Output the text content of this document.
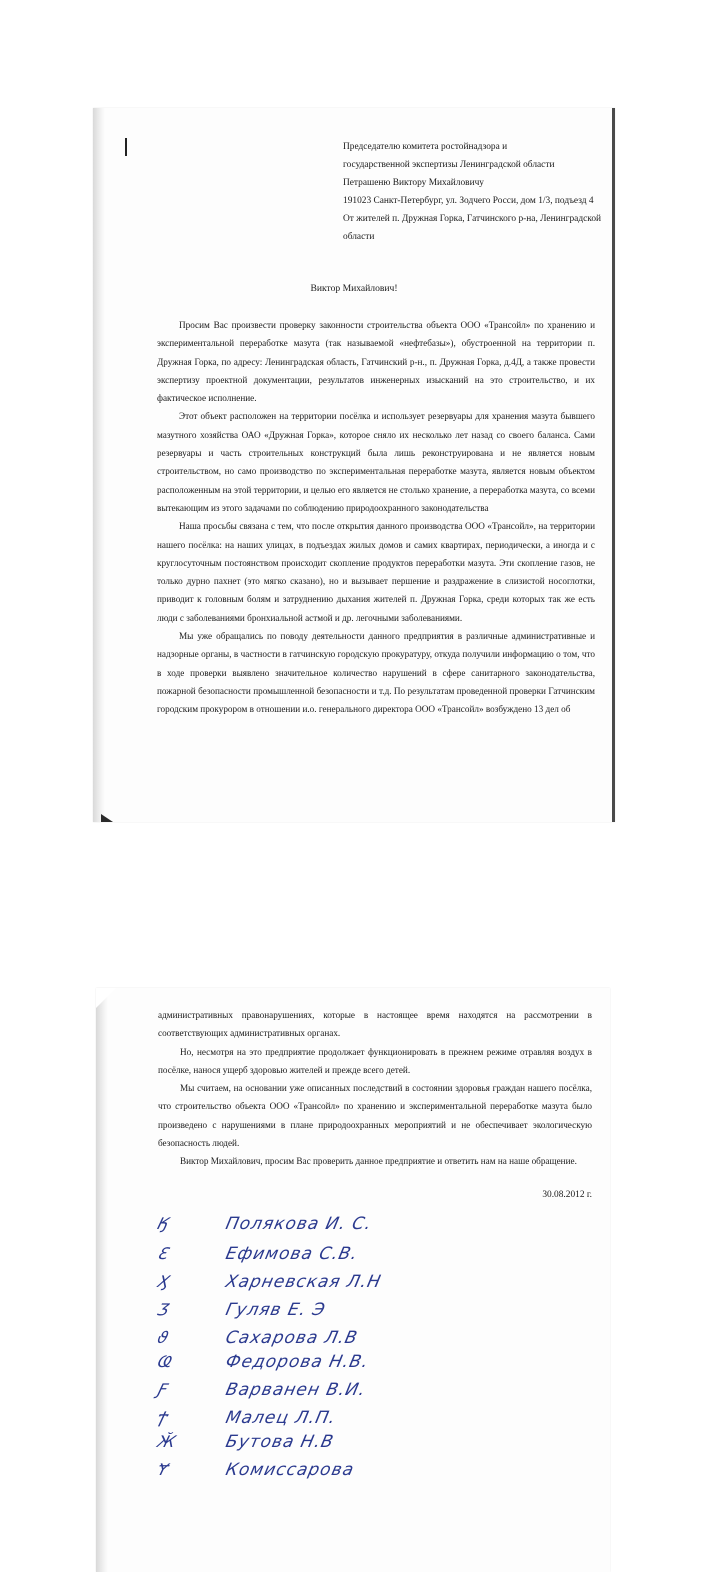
Председателю комитета ростойнадзора и
государственной экспертизы Ленинградской области
Петрашеню Виктору Михайловичу
191023 Санкт-Петербург, ул. Зодчего Росси, дом 1/3, подъезд 4
От жителей п. Дружная Горка, Гатчинского р-на, Ленинградской области
Виктор Михайлович!

Просим Вас произвести проверку законности строительства объекта ООО «Трансойл» по хранению и экспериментальной переработке мазута (так называемой «нефтебазы»), обустроенной на территории п. Дружная Горка, по адресу: Ленинградская область, Гатчинский р-н., п. Дружная Горка, д.4Д, а также провести экспертизу проектной документации, результатов инженерных изысканий на это строительство, и их фактическое исполнение.

Этот объект расположен на территории посёлка и использует резервуары для хранения мазута бывшего мазутного хозяйства ОАО «Дружная Горка», которое сняло их несколько лет назад со своего баланса. Сами резервуары и часть строительных конструкций была лишь реконструирована и не является новым строительством, но само производство по экспериментальная переработке мазута, является новым объектом расположенным на этой территории, и целью его является не столько хранение, а переработка мазута, со всеми вытекающим из этого задачами по соблюдению природоохранного законодательства

Наша просьбы связана с тем, что после открытия данного производства ООО «Трансойл», на территории нашего посёлка: на наших улицах, в подъездах жилых домов и самих квартирах, периодически, а иногда и с круглосуточным постоянством происходит скопление продуктов переработки мазута. Эти скопление газов, не только дурно пахнет (это мягко сказано), но и вызывает першение и раздражение в слизистой носоглотки, приводит к головным болям и затруднению дыхания жителей п. Дружная Горка, среди которых так же есть люди с заболеваниями бронхиальной астмой и др. легочными заболеваниями.

Мы уже обращались по поводу деятельности данного предприятия в различные административные и надзорные органы, в частности в гатчинскую городскую прокуратуру, откуда получили информацию о том, что в ходе проверки выявлено значительное количество нарушений в сфере санитарного законодательства, пожарной безопасности промышленной безопасности и т.д. По результатам проведенной проверки Гатчинским городским прокурором в отношении и.о. генерального директора ООО «Трансойл» возбуждено 13 дел об

административных правонарушениях, которые в настоящее время находятся на рассмотрении в соответствующих административных органах.

Но, несмотря на это предприятие продолжает функционировать в прежнем режиме отравляя воздух в посёлке, нанося ущерб здоровью жителей и прежде всего детей.

Мы считаем, на основании уже описанных последствий в состоянии здоровья граждан нашего посёлка, что строительство объекта ООО «Трансойл» по хранению и экспериментальной переработке мазута было произведено с нарушениями в плане природоохранных мероприятий и не обеспечивает экологическую безопасность людей.

Виктор Михайлович, просим Вас проверить данное предприятие и ответить нам на наше обращение.

30.08.2012 г.
Ӄ	Полякова И. С.
Ԑ	Ефимова С.В.
Ӽ	Харневская Л.Н
Ʒ	Гуляв Е. Э
ϑ	Сахарова Л.В
Ҩ	Федорова Н.В.
Ƒ	Варванен В.И.
Ϯ	Малец Л.П.
Ӂ	Бутова Н.В
Ɏ	Комиссарова
